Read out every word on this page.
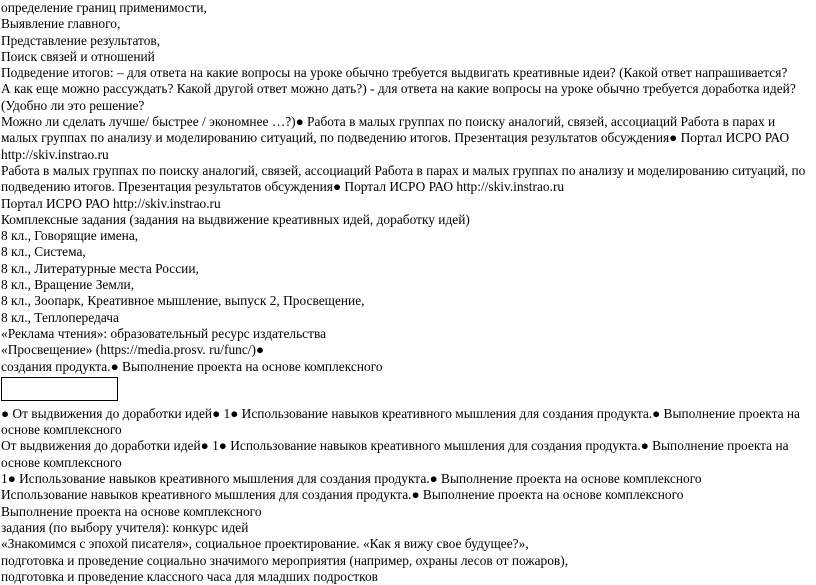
определение границ применимости,
Выявление главного,
Представление результатов,
Поиск связей и отношений
Подведение итогов: – для ответа на какие вопросы на уроке обычно требуется выдвигать креативные идеи? (Какой ответ напрашивается?
А как еще можно рассуждать? Какой другой ответ можно дать?) - для ответа на какие вопросы на уроке обычно требуется доработка идей?
(Удобно ли это решение?
Можно ли сделать лучше/ быстрее / экономнее …?)● Работа в малых группах по поиску аналогий, связей, ассоциаций Работа в парах и
малых группах по анализу и моделированию ситуаций, по подведению итогов. Презентация результатов обсуждения● Портал ИСРО РАО
http://skiv.instrao.ru
Работа в малых группах по поиску аналогий, связей, ассоциаций Работа в парах и малых группах по анализу и моделированию ситуаций, по
подведению итогов. Презентация результатов обсуждения● Портал ИСРО РАО http://skiv.instrao.ru
Портал ИСРО РАО http://skiv.instrao.ru
Комплексные задания (задания на выдвижение креативных идей, доработку идей)
8 кл., Говорящие имена,
8 кл., Система,
8 кл., Литературные места России,
8 кл., Вращение Земли,
8 кл., Зоопарк, Креативное мышление, выпуск 2, Просвещение,
8 кл., Теплопередача
«Реклама чтения»: образовательный ресурс издательства
«Просвещение» (https://media.prosv. ru/func/)●
создания продукта.● Выполнение проекта на основе комплексного
● От выдвижения до доработки идей● 1● Использование навыков креативного мышления для создания продукта.● Выполнение проекта на
основе комплексного
От выдвижения до доработки идей● 1● Использование навыков креативного мышления для создания продукта.● Выполнение проекта на
основе комплексного
1● Использование навыков креативного мышления для создания продукта.● Выполнение проекта на основе комплексного
Использование навыков креативного мышления для создания продукта.● Выполнение проекта на основе комплексного
Выполнение проекта на основе комплексного
задания (по выбору учителя): конкурс идей
«Знакомимся с эпохой писателя», социальное проектирование. «Как я вижу свое будущее?»,
подготовка и проведение социально значимого мероприятия (например, охраны лесов от пожаров),
подготовка и проведение классного часа для младших подростков
